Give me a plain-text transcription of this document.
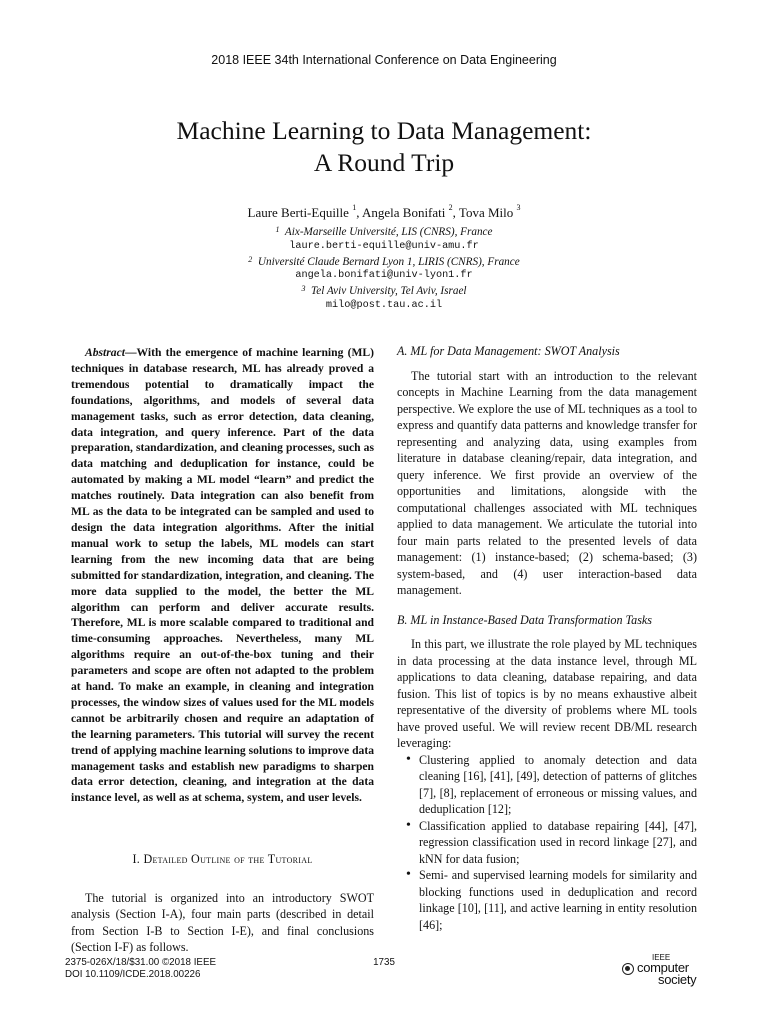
2018 IEEE 34th International Conference on Data Engineering
Machine Learning to Data Management:
A Round Trip
Laure Berti-Equille $^1$, Angela Bonifati $^2$, Tova Milo $^3$
$^1$ Aix-Marseille Université, LIS (CNRS), France
laure.berti-equille@univ-amu.fr
$^2$ Université Claude Bernard Lyon 1, LIRIS (CNRS), France
angela.bonifati@univ-lyon1.fr
$^3$ Tel Aviv University, Tel Aviv, Israel
milo@post.tau.ac.il

Abstract—With the emergence of machine learning (ML) techniques in database research, ML has already proved a tremendous potential to dramatically impact the foundations, algorithms, and models of several data management tasks, such as error detection, data cleaning, data integration, and query inference. Part of the data preparation, standardization, and cleaning processes, such as data matching and deduplication for instance, could be automated by making a ML model “learn” and predict the matches routinely. Data integration can also benefit from ML as the data to be integrated can be sampled and used to design the data integration algorithms. After the initial manual work to setup the labels, ML models can start learning from the new incoming data that are being submitted for standardization, integration, and cleaning. The more data supplied to the model, the better the ML algorithm can perform and deliver accurate results. Therefore, ML is more scalable compared to traditional and time-consuming approaches. Nevertheless, many ML algorithms require an out-of-the-box tuning and their parameters and scope are often not adapted to the problem at hand. To make an example, in cleaning and integration processes, the window sizes of values used for the ML models cannot be arbitrarily chosen and require an adaptation of the learning parameters. This tutorial will survey the recent trend of applying machine learning solutions to improve data management tasks and establish new paradigms to sharpen data error detection, cleaning, and integration at the data instance level, as well as at schema, system, and user levels.

I. Detailed Outline of the Tutorial

The tutorial is organized into an introductory SWOT analysis (Section I-A), four main parts (described in detail from Section I-B to Section I-E), and final conclusions (Section I-F) as follows.

A. ML for Data Management: SWOT Analysis

The tutorial start with an introduction to the relevant concepts in Machine Learning from the data management perspective. We explore the use of ML techniques as a tool to express and quantify data patterns and knowledge transfer for representing and analyzing data, using examples from literature in database cleaning/repair, data integration, and query inference. We first provide an overview of the opportunities and limitations, alongside with the computational challenges associated with ML techniques applied to data management. We articulate the tutorial into four main parts related to the presented levels of data management: (1) instance-based; (2) schema-based; (3) system-based, and (4) user interaction-based data management.

B. ML in Instance-Based Data Transformation Tasks

In this part, we illustrate the role played by ML techniques in data processing at the data instance level, through ML applications to data cleaning, database repairing, and data fusion. This list of topics is by no means exhaustive albeit representative of the diversity of problems where ML tools have proved useful. We will review recent DB/ML research leveraging:

• Clustering applied to anomaly detection and data cleaning [16], [41], [49], detection of patterns of glitches [7], [8], replacement of erroneous or missing values, and deduplication [12];
• Classification applied to database repairing [44], [47], regression classification used in record linkage [27], and kNN for data fusion;
• Semi- and supervised learning models for similarity and blocking functions used in deduplication and record linkage [10], [11], and active learning in entity resolution [46];
2375-026X/18/$31.00 ©2018 IEEE
DOI 10.1109/ICDE.2018.00226
1735	IEEE
computer
society
